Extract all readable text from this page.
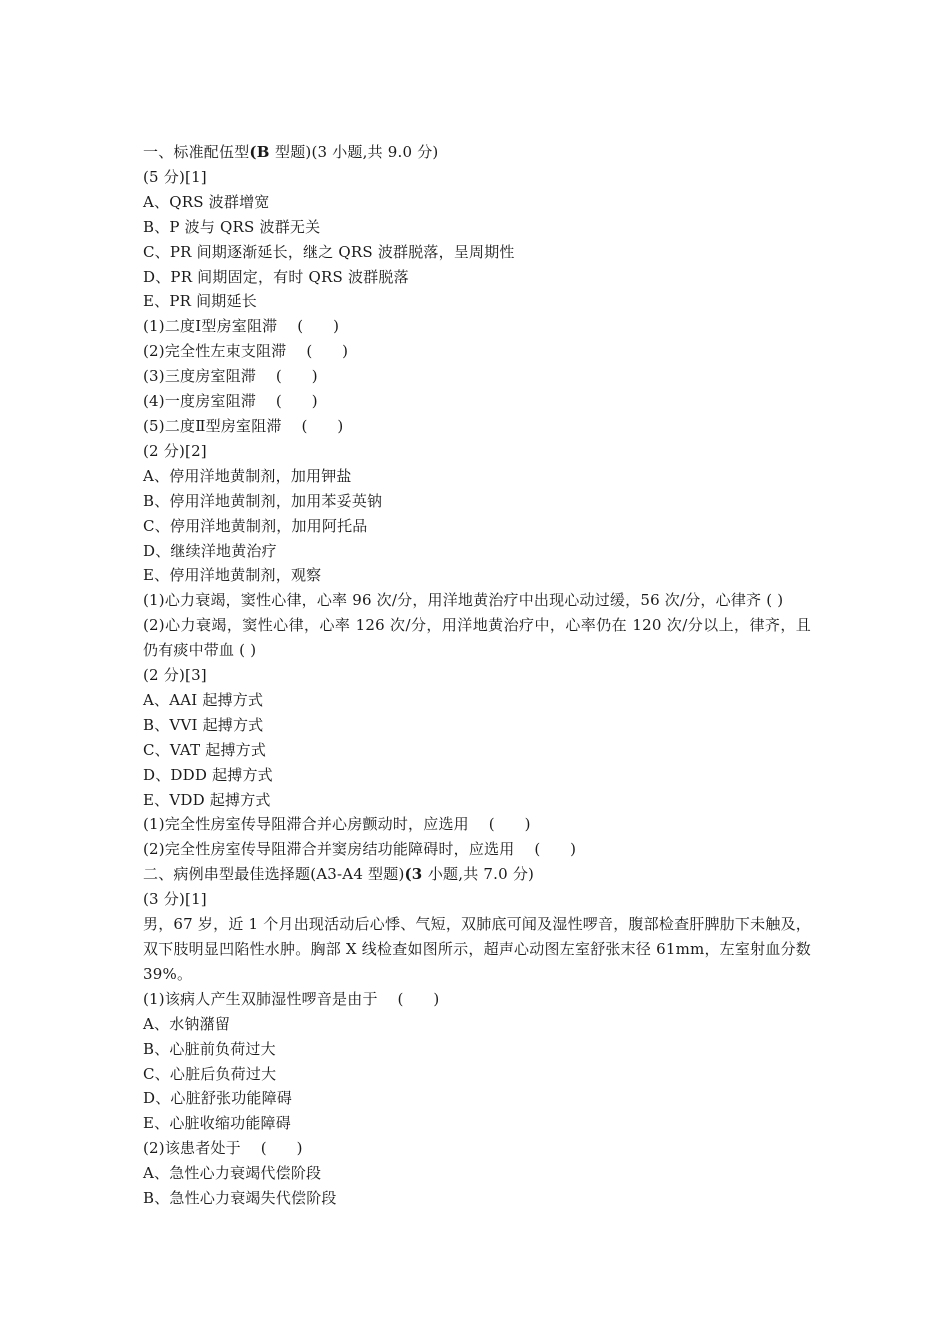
一、标准配伍型(B 型题)(3 小题,共 9.0 分)
(5 分)[1]
A、QRS 波群增宽
B、P 波与 QRS 波群无关
C、PR 间期逐渐延长，继之 QRS 波群脱落，呈周期性
D、PR 间期固定，有时 QRS 波群脱落
E、PR 间期延长
(1)二度Ⅰ型房室阻滞    (      )
(2)完全性左束支阻滞    (      )
(3)三度房室阻滞    (      )
(4)一度房室阻滞    (      )
(5)二度Ⅱ型房室阻滞    (      )
(2 分)[2]
A、停用洋地黄制剂，加用钾盐
B、停用洋地黄制剂，加用苯妥英钠
C、停用洋地黄制剂，加用阿托品
D、继续洋地黄治疗
E、停用洋地黄制剂，观察
(1)心力衰竭，窦性心律，心率 96 次/分，用洋地黄治疗中出现心动过缓，56 次/分，心律齐 ( )
(2)心力衰竭，窦性心律，心率 126 次/分，用洋地黄治疗中，心率仍在 120 次/分以上，律齐，且仍有痰中带血 ( )
(2 分)[3]
A、AAI 起搏方式
B、VVI 起搏方式
C、VAT 起搏方式
D、DDD 起搏方式
E、VDD 起搏方式
(1)完全性房室传导阻滞合并心房颤动时，应选用    (      )
(2)完全性房室传导阻滞合并窦房结功能障碍时，应选用    (      )
二、病例串型最佳选择题(A3-A4 型题)(3 小题,共 7.0 分)
(3 分)[1]
男，67 岁，近 1 个月出现活动后心悸、气短，双肺底可闻及湿性啰音，腹部检查肝脾肋下未触及，双下肢明显凹陷性水肿。胸部 X 线检查如图所示，超声心动图左室舒张末径 61mm，左室射血分数 39%。
(1)该病人产生双肺湿性啰音是由于    (      )
A、水钠潴留
B、心脏前负荷过大
C、心脏后负荷过大
D、心脏舒张功能障碍
E、心脏收缩功能障碍
(2)该患者处于    (      )
A、急性心力衰竭代偿阶段
B、急性心力衰竭失代偿阶段
